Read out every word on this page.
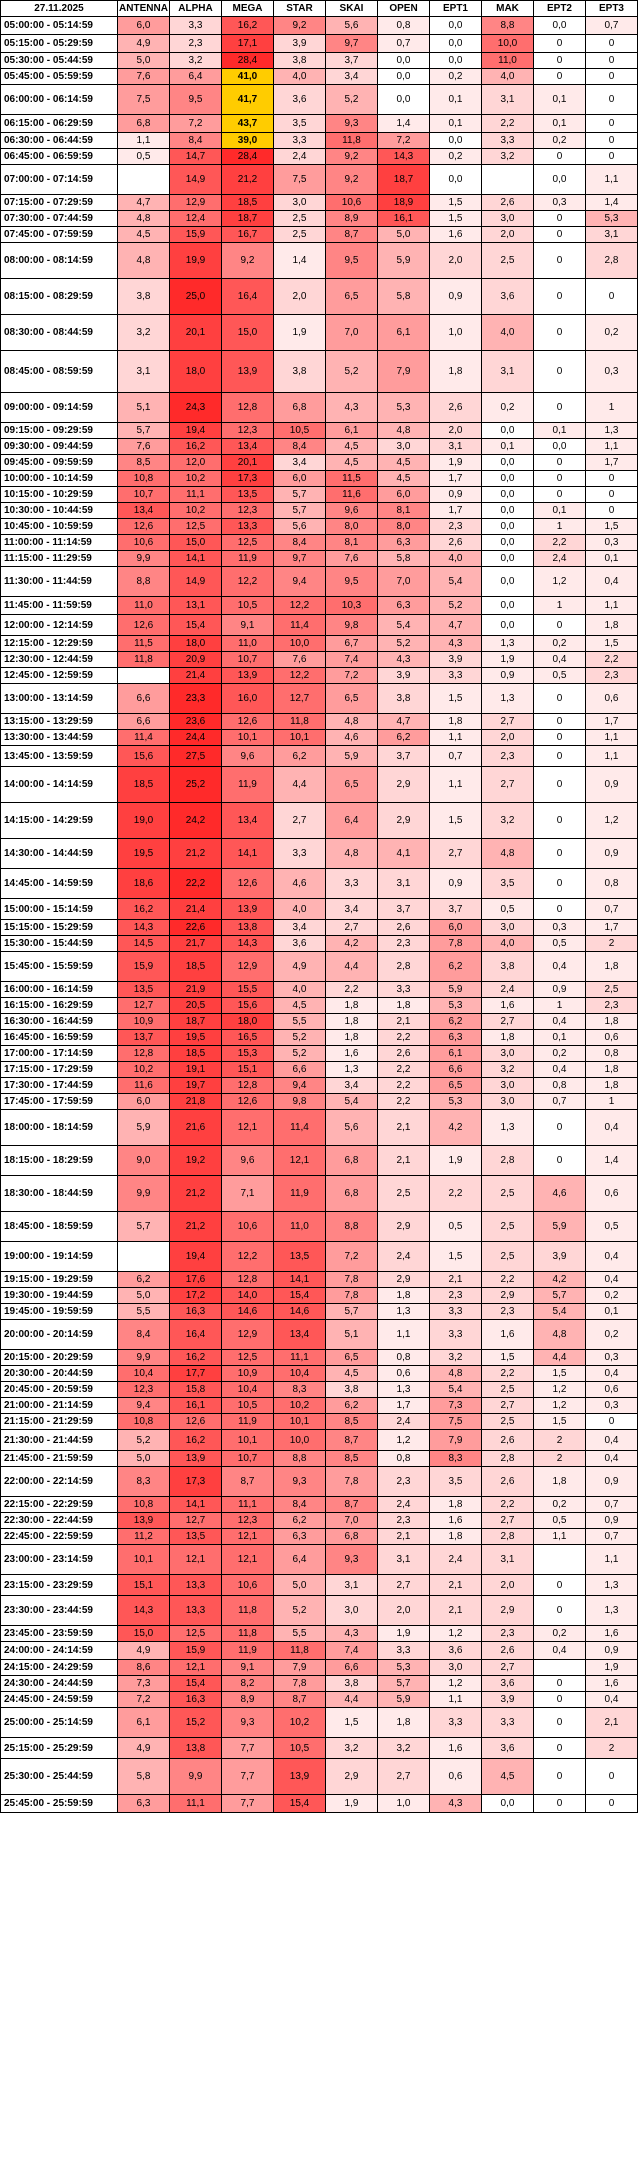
27.11.2025	ANTENNA	ALPHA	MEGA	STAR	SKAI	OPEN	EPT1	MAK	EPT2	EPT3
05:00:00 - 05:14:59	6,0	3,3	16,2	9,2	5,6	0,8	0,0	8,8	0,0	0,7
05:15:00 - 05:29:59	4,9	2,3	17,1	3,9	9,7	0,7	0,0	10,0	0	0
05:30:00 - 05:44:59	5,0	3,2	28,4	3,8	3,7	0,0	0,0	11,0	0	0
05:45:00 - 05:59:59	7,6	6,4	41,0	4,0	3,4	0,0	0,2	4,0	0	0
06:00:00 - 06:14:59	7,5	9,5	41,7	3,6	5,2	0,0	0,1	3,1	0,1	0
06:15:00 - 06:29:59	6,8	7,2	43,7	3,5	9,3	1,4	0,1	2,2	0,1	0
06:30:00 - 06:44:59	1,1	8,4	39,0	3,3	11,8	7,2	0,0	3,3	0,2	0
06:45:00 - 06:59:59	0,5	14,7	28,4	2,4	9,2	14,3	0,2	3,2	0	0
07:00:00 - 07:14:59		14,9	21,2	7,5	9,2	18,7	0,0		0,0	1,1
07:15:00 - 07:29:59	4,7	12,9	18,5	3,0	10,6	18,9	1,5	2,6	0,3	1,4
07:30:00 - 07:44:59	4,8	12,4	18,7	2,5	8,9	16,1	1,5	3,0	0	5,3
07:45:00 - 07:59:59	4,5	15,9	16,7	2,5	8,7	5,0	1,6	2,0	0	3,1
08:00:00 - 08:14:59	4,8	19,9	9,2	1,4	9,5	5,9	2,0	2,5	0	2,8
08:15:00 - 08:29:59	3,8	25,0	16,4	2,0	6,5	5,8	0,9	3,6	0	0
08:30:00 - 08:44:59	3,2	20,1	15,0	1,9	7,0	6,1	1,0	4,0	0	0,2
08:45:00 - 08:59:59	3,1	18,0	13,9	3,8	5,2	7,9	1,8	3,1	0	0,3
09:00:00 - 09:14:59	5,1	24,3	12,8	6,8	4,3	5,3	2,6	0,2	0	1
09:15:00 - 09:29:59	5,7	19,4	12,3	10,5	6,1	4,8	2,0	0,0	0,1	1,3
09:30:00 - 09:44:59	7,6	16,2	13,4	8,4	4,5	3,0	3,1	0,1	0,0	1,1
09:45:00 - 09:59:59	8,5	12,0	20,1	3,4	4,5	4,5	1,9	0,0	0	1,7
10:00:00 - 10:14:59	10,8	10,2	17,3	6,0	11,5	4,5	1,7	0,0	0	0
10:15:00 - 10:29:59	10,7	11,1	13,5	5,7	11,6	6,0	0,9	0,0	0	0
10:30:00 - 10:44:59	13,4	10,2	12,3	5,7	9,6	8,1	1,7	0,0	0,1	0
10:45:00 - 10:59:59	12,6	12,5	13,3	5,6	8,0	8,0	2,3	0,0	1	1,5
11:00:00 - 11:14:59	10,6	15,0	12,5	8,4	8,1	6,3	2,6	0,0	2,2	0,3
11:15:00 - 11:29:59	9,9	14,1	11,9	9,7	7,6	5,8	4,0	0,0	2,4	0,1
11:30:00 - 11:44:59	8,8	14,9	12,2	9,4	9,5	7,0	5,4	0,0	1,2	0,4
11:45:00 - 11:59:59	11,0	13,1	10,5	12,2	10,3	6,3	5,2	0,0	1	1,1
12:00:00 - 12:14:59	12,6	15,4	9,1	11,4	9,8	5,4	4,7	0,0	0	1,8
12:15:00 - 12:29:59	11,5	18,0	11,0	10,0	6,7	5,2	4,3	1,3	0,2	1,5
12:30:00 - 12:44:59	11,8	20,9	10,7	7,6	7,4	4,3	3,9	1,9	0,4	2,2
12:45:00 - 12:59:59		21,4	13,9	12,2	7,2	3,9	3,3	0,9	0,5	2,3
13:00:00 - 13:14:59	6,6	23,3	16,0	12,7	6,5	3,8	1,5	1,3	0	0,6
13:15:00 - 13:29:59	6,6	23,6	12,6	11,8	4,8	4,7	1,8	2,7	0	1,7
13:30:00 - 13:44:59	11,4	24,4	10,1	10,1	4,6	6,2	1,1	2,0	0	1,1
13:45:00 - 13:59:59	15,6	27,5	9,6	6,2	5,9	3,7	0,7	2,3	0	1,1
14:00:00 - 14:14:59	18,5	25,2	11,9	4,4	6,5	2,9	1,1	2,7	0	0,9
14:15:00 - 14:29:59	19,0	24,2	13,4	2,7	6,4	2,9	1,5	3,2	0	1,2
14:30:00 - 14:44:59	19,5	21,2	14,1	3,3	4,8	4,1	2,7	4,8	0	0,9
14:45:00 - 14:59:59	18,6	22,2	12,6	4,6	3,3	3,1	0,9	3,5	0	0,8
15:00:00 - 15:14:59	16,2	21,4	13,9	4,0	3,4	3,7	3,7	0,5	0	0,7
15:15:00 - 15:29:59	14,3	22,6	13,8	3,4	2,7	2,6	6,0	3,0	0,3	1,7
15:30:00 - 15:44:59	14,5	21,7	14,3	3,6	4,2	2,3	7,8	4,0	0,5	2
15:45:00 - 15:59:59	15,9	18,5	12,9	4,9	4,4	2,8	6,2	3,8	0,4	1,8
16:00:00 - 16:14:59	13,5	21,9	15,5	4,0	2,2	3,3	5,9	2,4	0,9	2,5
16:15:00 - 16:29:59	12,7	20,5	15,6	4,5	1,8	1,8	5,3	1,6	1	2,3
16:30:00 - 16:44:59	10,9	18,7	18,0	5,5	1,8	2,1	6,2	2,7	0,4	1,8
16:45:00 - 16:59:59	13,7	19,5	16,5	5,2	1,8	2,2	6,3	1,8	0,1	0,6
17:00:00 - 17:14:59	12,8	18,5	15,3	5,2	1,6	2,6	6,1	3,0	0,2	0,8
17:15:00 - 17:29:59	10,2	19,1	15,1	6,6	1,3	2,2	6,6	3,2	0,4	1,8
17:30:00 - 17:44:59	11,6	19,7	12,8	9,4	3,4	2,2	6,5	3,0	0,8	1,8
17:45:00 - 17:59:59	6,0	21,8	12,6	9,8	5,4	2,2	5,3	3,0	0,7	1
18:00:00 - 18:14:59	5,9	21,6	12,1	11,4	5,6	2,1	4,2	1,3	0	0,4
18:15:00 - 18:29:59	9,0	19,2	9,6	12,1	6,8	2,1	1,9	2,8	0	1,4
18:30:00 - 18:44:59	9,9	21,2	7,1	11,9	6,8	2,5	2,2	2,5	4,6	0,6
18:45:00 - 18:59:59	5,7	21,2	10,6	11,0	8,8	2,9	0,5	2,5	5,9	0,5
19:00:00 - 19:14:59		19,4	12,2	13,5	7,2	2,4	1,5	2,5	3,9	0,4
19:15:00 - 19:29:59	6,2	17,6	12,8	14,1	7,8	2,9	2,1	2,2	4,2	0,4
19:30:00 - 19:44:59	5,0	17,2	14,0	15,4	7,8	1,8	2,3	2,9	5,7	0,2
19:45:00 - 19:59:59	5,5	16,3	14,6	14,6	5,7	1,3	3,3	2,3	5,4	0,1
20:00:00 - 20:14:59	8,4	16,4	12,9	13,4	5,1	1,1	3,3	1,6	4,8	0,2
20:15:00 - 20:29:59	9,9	16,2	12,5	11,1	6,5	0,8	3,2	1,5	4,4	0,3
20:30:00 - 20:44:59	10,4	17,7	10,9	10,4	4,5	0,6	4,8	2,2	1,5	0,4
20:45:00 - 20:59:59	12,3	15,8	10,4	8,3	3,8	1,3	5,4	2,5	1,2	0,6
21:00:00 - 21:14:59	9,4	16,1	10,5	10,2	6,2	1,7	7,3	2,7	1,2	0,3
21:15:00 - 21:29:59	10,8	12,6	11,9	10,1	8,5	2,4	7,5	2,5	1,5	0
21:30:00 - 21:44:59	5,2	16,2	10,1	10,0	8,7	1,2	7,9	2,6	2	0,4
21:45:00 - 21:59:59	5,0	13,9	10,7	8,8	8,5	0,8	8,3	2,8	2	0,4
22:00:00 - 22:14:59	8,3	17,3	8,7	9,3	7,8	2,3	3,5	2,6	1,8	0,9
22:15:00 - 22:29:59	10,8	14,1	11,1	8,4	8,7	2,4	1,8	2,2	0,2	0,7
22:30:00 - 22:44:59	13,9	12,7	12,3	6,2	7,0	2,3	1,6	2,7	0,5	0,9
22:45:00 - 22:59:59	11,2	13,5	12,1	6,3	6,8	2,1	1,8	2,8	1,1	0,7
23:00:00 - 23:14:59	10,1	12,1	12,1	6,4	9,3	3,1	2,4	3,1		1,1
23:15:00 - 23:29:59	15,1	13,3	10,6	5,0	3,1	2,7	2,1	2,0	0	1,3
23:30:00 - 23:44:59	14,3	13,3	11,8	5,2	3,0	2,0	2,1	2,9	0	1,3
23:45:00 - 23:59:59	15,0	12,5	11,8	5,5	4,3	1,9	1,2	2,3	0,2	1,6
24:00:00 - 24:14:59	4,9	15,9	11,9	11,8	7,4	3,3	3,6	2,6	0,4	0,9
24:15:00 - 24:29:59	8,6	12,1	9,1	7,9	6,6	5,3	3,0	2,7		1,9
24:30:00 - 24:44:59	7,3	15,4	8,2	7,8	3,8	5,7	1,2	3,6	0	1,6
24:45:00 - 24:59:59	7,2	16,3	8,9	8,7	4,4	5,9	1,1	3,9	0	0,4
25:00:00 - 25:14:59	6,1	15,2	9,3	10,2	1,5	1,8	3,3	3,3	0	2,1
25:15:00 - 25:29:59	4,9	13,8	7,7	10,5	3,2	3,2	1,6	3,6	0	2
25:30:00 - 25:44:59	5,8	9,9	7,7	13,9	2,9	2,7	0,6	4,5	0	0
25:45:00 - 25:59:59	6,3	11,1	7,7	15,4	1,9	1,0	4,3	0,0	0	0
